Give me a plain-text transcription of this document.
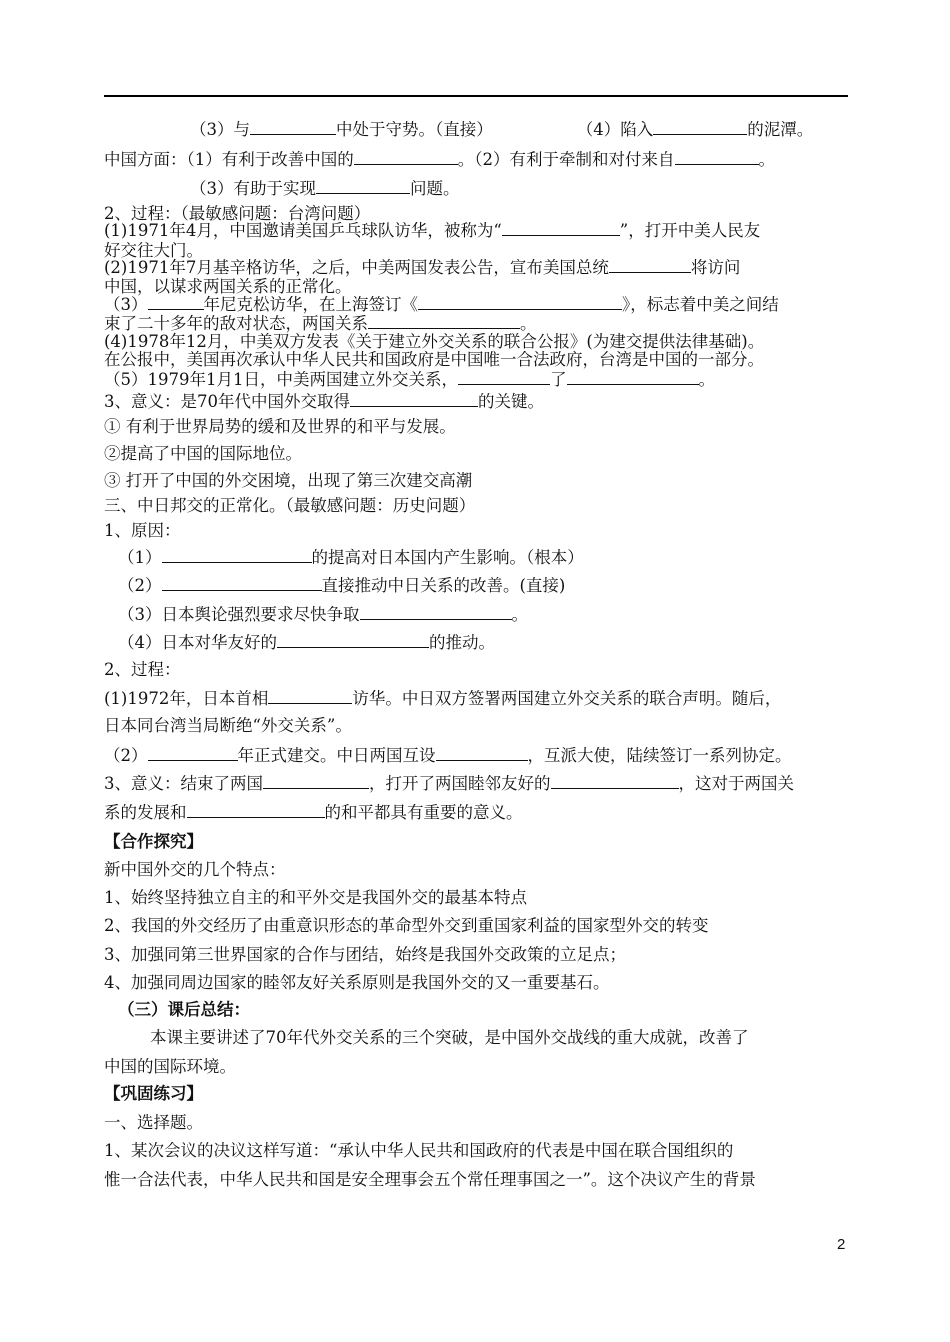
（3）与	中处于守势。（直接）	（4）陷入	的泥潭。
中国方面：（1）有利于改善中国的	。（2）有利于牵制和对付来自	。
（3）有助于实现	问题。
2、过程：（最敏感问题：台湾问题）
(1)1971年4月，中国邀请美国乒乓球队访华，被称为“	”，打开中美人民友
好交往大门。
(2)1971年7月基辛格访华，之后，中美两国发表公告，宣布美国总统	将访问
中国，以谋求两国关系的正常化。
（3）	年尼克松访华，在上海签订《	》，标志着中美之间结
束了二十多年的敌对状态，两国关系	。
(4)1978年12月，中美双方发表《关于建立外交关系的联合公报》(为建交提供法律基础)。
在公报中，美国再次承认中华人民共和国政府是中国唯一合法政府，台湾是中国的一部分。
（5）1979年1月1日，中美两国建立外交关系，	了	。
3、意义：是70年代中国外交取得	的关键。
① 有利于世界局势的缓和及世界的和平与发展。
②提高了中国的国际地位。
③ 打开了中国的外交困境，出现了第三次建交高潮
三、中日邦交的正常化。（最敏感问题：历史问题）
1、原因：
（1）	的提高对日本国内产生影响。（根本）
（2）	直接推动中日关系的改善。(直接)
（3）日本舆论强烈要求尽快争取	。
（4）日本对华友好的	的推动。
2、过程：
(1)1972年，日本首相	访华。中日双方签署两国建立外交关系的联合声明。随后，
日本同台湾当局断绝“外交关系”。
（2）	年正式建交。中日两国互设	，互派大使，陆续签订一系列协定。
3、意义：结束了两国	，打开了两国睦邻友好的	，这对于两国关
系的发展和	的和平都具有重要的意义。
【合作探究】
新中国外交的几个特点：
1、始终坚持独立自主的和平外交是我国外交的最基本特点
2、我国的外交经历了由重意识形态的革命型外交到重国家利益的国家型外交的转变
3、加强同第三世界国家的合作与团结，始终是我国外交政策的立足点；
4、加强同周边国家的睦邻友好关系原则是我国外交的又一重要基石。
（三）课后总结：
本课主要讲述了70年代外交关系的三个突破，是中国外交战线的重大成就，改善了
中国的国际环境。
【巩固练习】
一、选择题。
1、某次会议的决议这样写道：“承认中华人民共和国政府的代表是中国在联合国组织的
惟一合法代表，中华人民共和国是安全理事会五个常任理事国之一”。这个决议产生的背景
2
